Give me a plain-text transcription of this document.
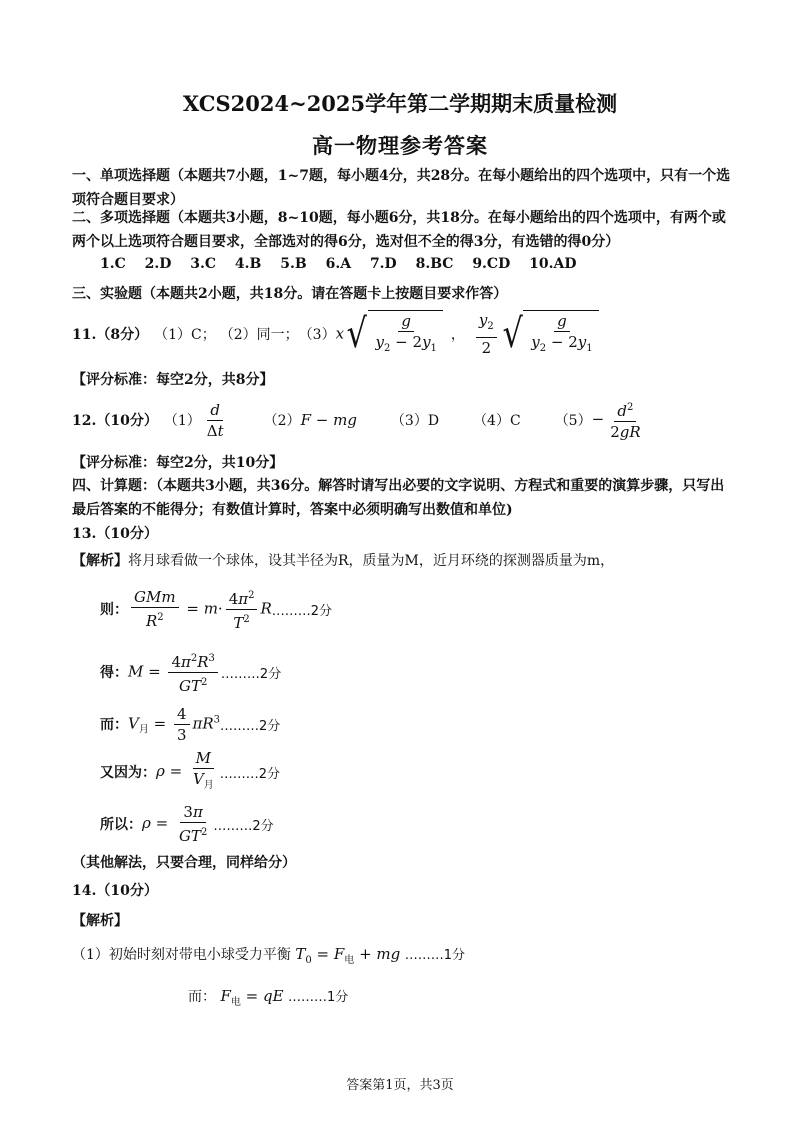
XCS2024~2025学年第二学期期末质量检测
高一物理参考答案
一、单项选择题（本题共7小题，1~7题，每小题4分，共28分。在每小题给出的四个选项中，只有一个选项符合题目要求）
二、多项选择题（本题共3小题，8~10题，每小题6分，共18分。在每小题给出的四个选项中，有两个或两个以上选项符合题目要求，全部选对的得6分，选对但不全的得3分，有选错的得0分）
1.C 2.D 3.C 4.B 5.B 6.A 7.D 8.BC 9.CD 10.AD
三、实验题（本题共2小题，共18分。请在答题卡上按题目要求作答）
11.（8分） （1）C； （2）同一； （3） x √ $\frac{g}{y_2 - 2y_1}$ ， $\frac{y_2}{2}$ √ $\frac{g}{y_2 - 2y_1}$
【评分标准：每空2分，共8分】
12.（10分） $(1) \frac{d}{\Delta t}$	（2） F − mg （3）D （4）C $(5) - \frac{d^2}{2gR}$
【评分标准：每空2分，共10分】
四、计算题：（本题共3小题，共36分。解答时请写出必要的文字说明、方程式和重要的演算步骤，只写出最后答案的不能得分；有数值计算时，答案中必须明确写出数值和单位)
13.（10分）
【解析】将月球看做一个球体，设其半径为R，质量为M，近月环绕的探测器质量为m，
则： $\frac{\text{GMm}}{R^2} = m\cdot \frac{4\pi^2}{T^2}$ R ………2分
得： $M = \frac{4\pi^2R^3}{GT^2}$ ………2分
而： $V_月 = \frac{4}{3} \pi R^3$ ………2分
又因为： $\rho = \frac{M}{V_月}$ ………2分
所以： $\rho = \frac{3\pi}{GT^2}$ ………2分
（其他解法，只要合理，同样给分）
14.（10分）
【解析】
（1）初始时刻对带电小球受力平衡 $T_0 = F_电$ + mg ………1分
而： $F_电$ = qE ………1分
答案第1页，共3页
